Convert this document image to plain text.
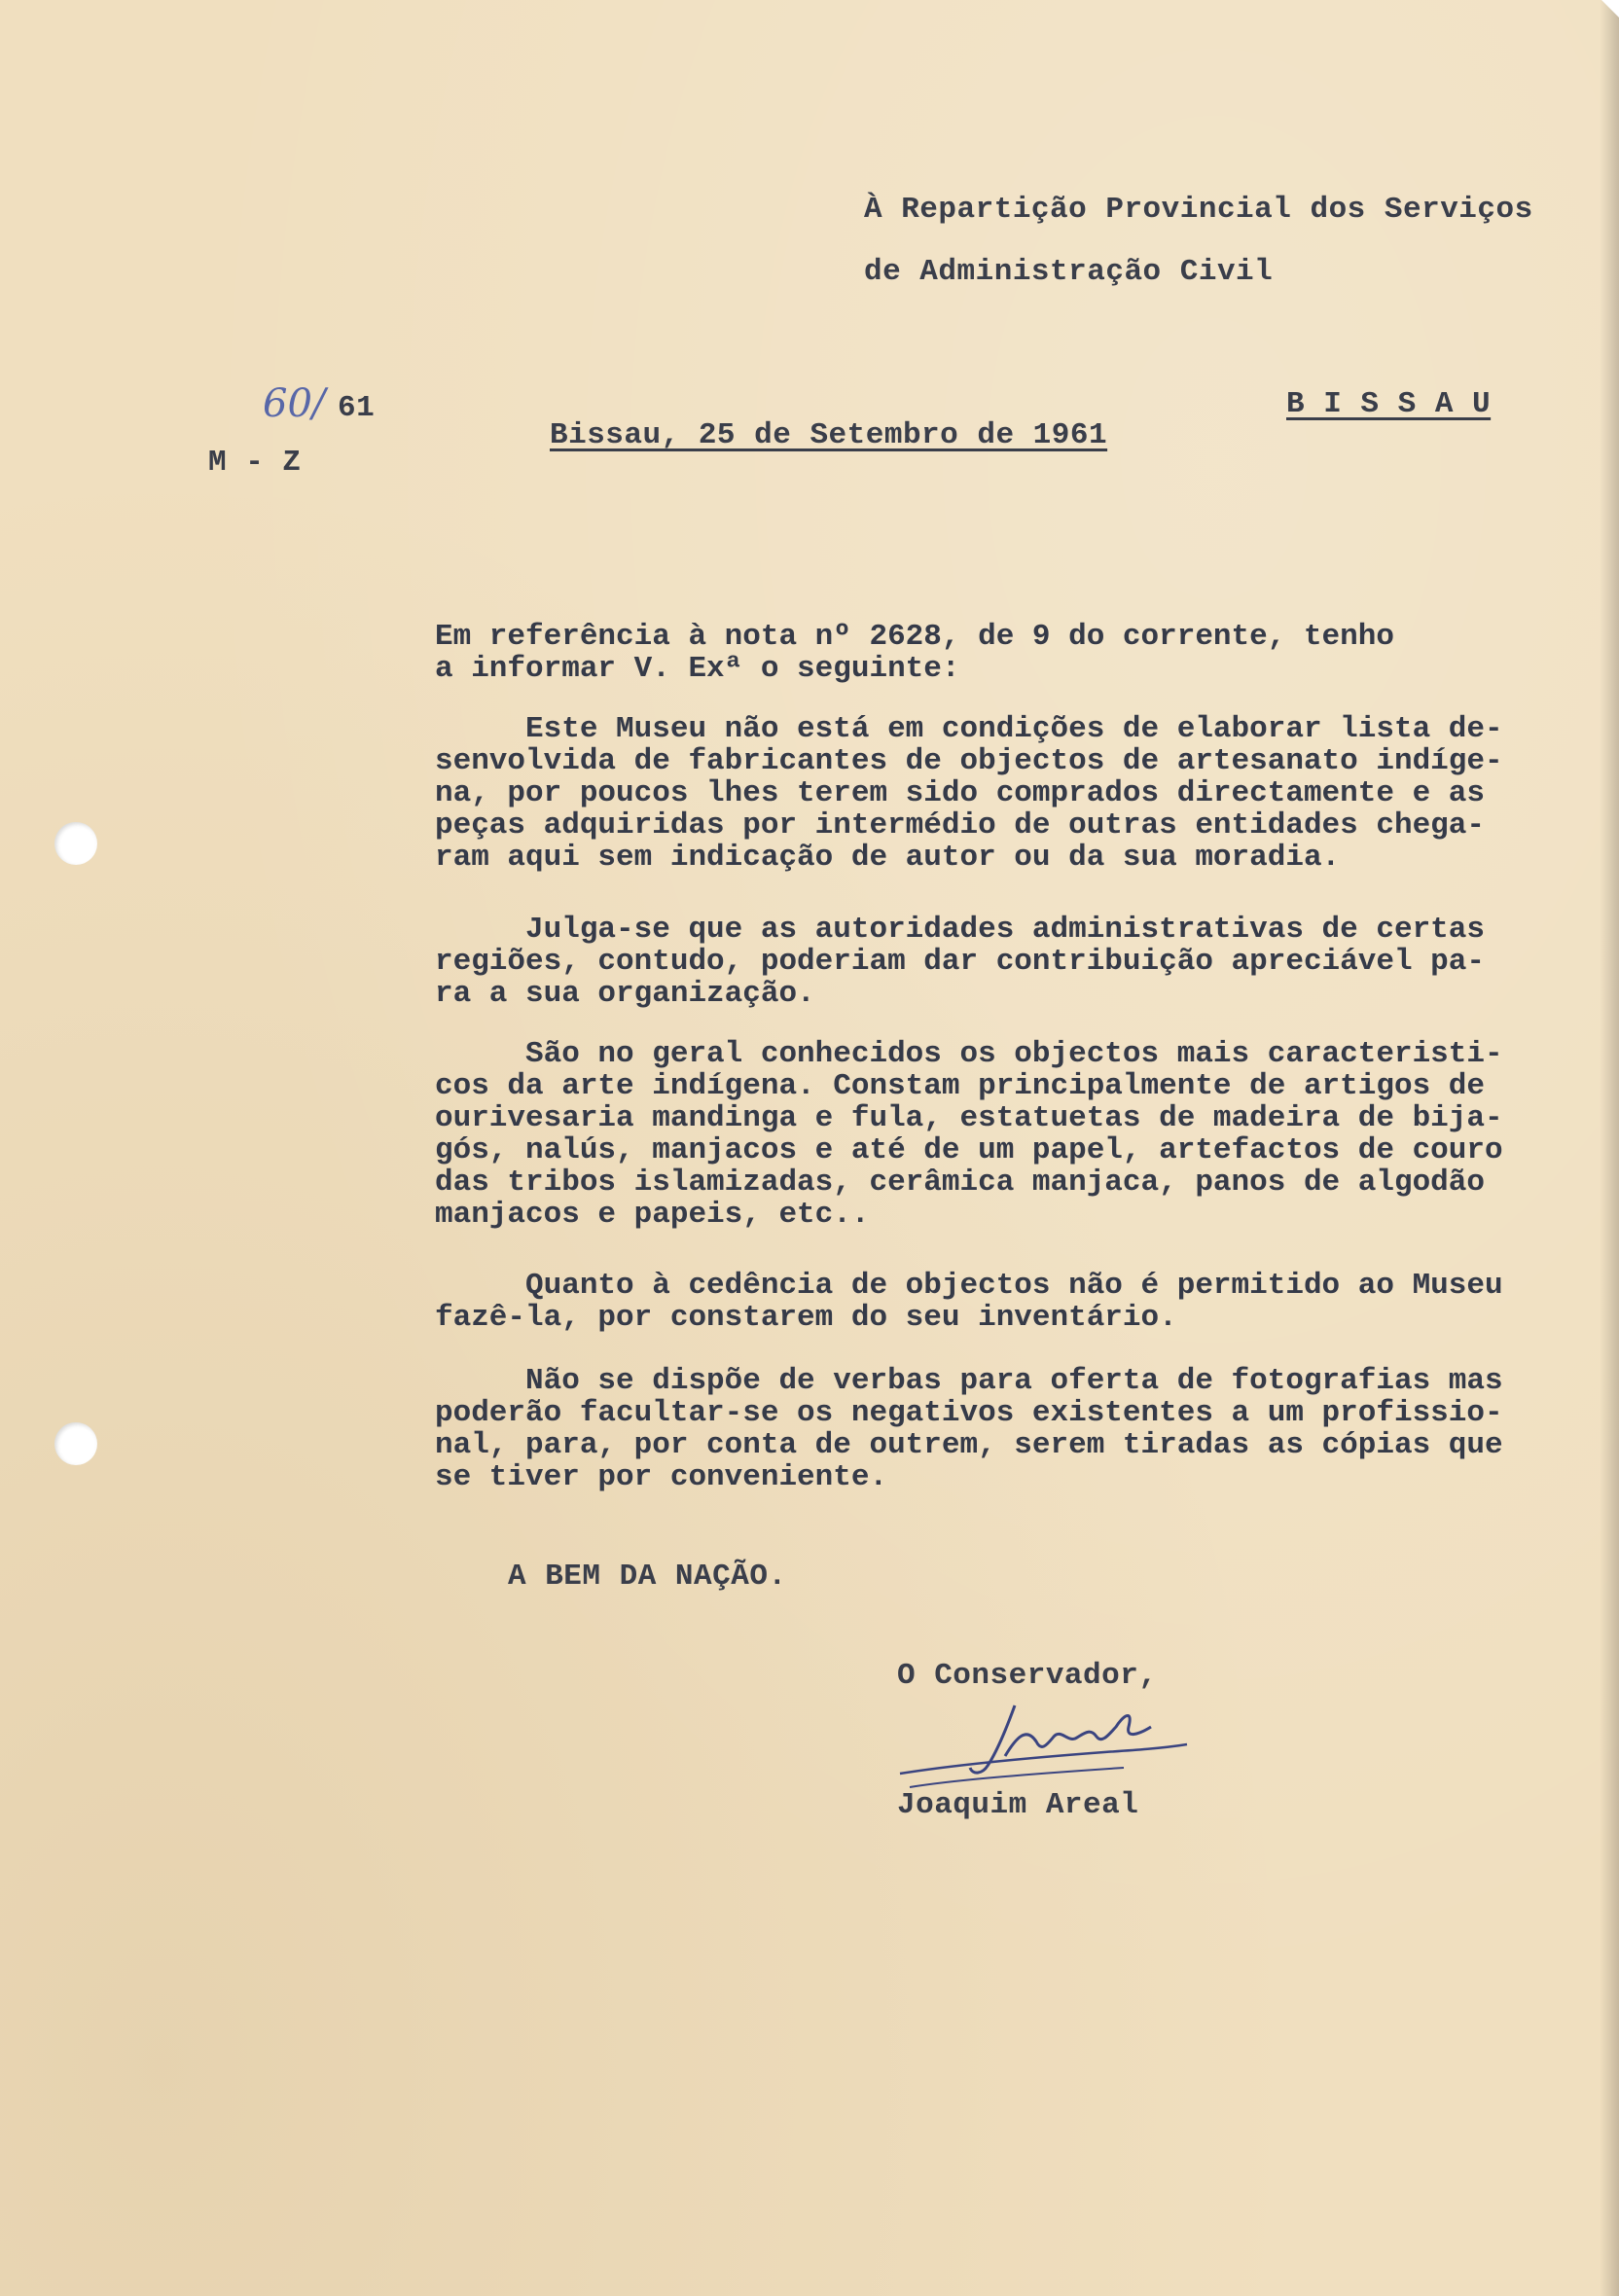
À Repartição Provincial dos Serviços

de Administração Civil

B I S S A U

60/ 61

M - Z

Bissau, 25 de Setembro de 1961

Em referência à nota nº 2628, de 9 do corrente, tenho
a informar V. Exª o seguinte:

Este Museu não está em condições de elaborar lista de-
senvolvida de fabricantes de objectos de artesanato indíge-
na, por poucos lhes terem sido comprados directamente e as
peças adquiridas por intermédio de outras entidades chega-
ram aqui sem indicação de autor ou da sua moradia.

Julga-se que as autoridades administrativas de certas
regiões, contudo, poderiam dar contribuição apreciável pa-
ra a sua organização.

São no geral conhecidos os objectos mais caracteristi-
cos da arte indígena. Constam principalmente de artigos de
ourivesaria mandinga e fula, estatuetas de madeira de bija-
gós, nalús, manjacos e até de um papel, artefactos de couro
das tribos islamizadas, cerâmica manjaca, panos de algodão
manjacos e papeis, etc..

Quanto à cedência de objectos não é permitido ao Museu
fazê-la, por constarem do seu inventário.

Não se dispõe de verbas para oferta de fotografias mas
poderão facultar-se os negativos existentes a um profissio-
nal, para, por conta de outrem, serem tiradas as cópias que
se tiver por conveniente.

A BEM DA NAÇÃO.

O Conservador,

Joaquim Areal
